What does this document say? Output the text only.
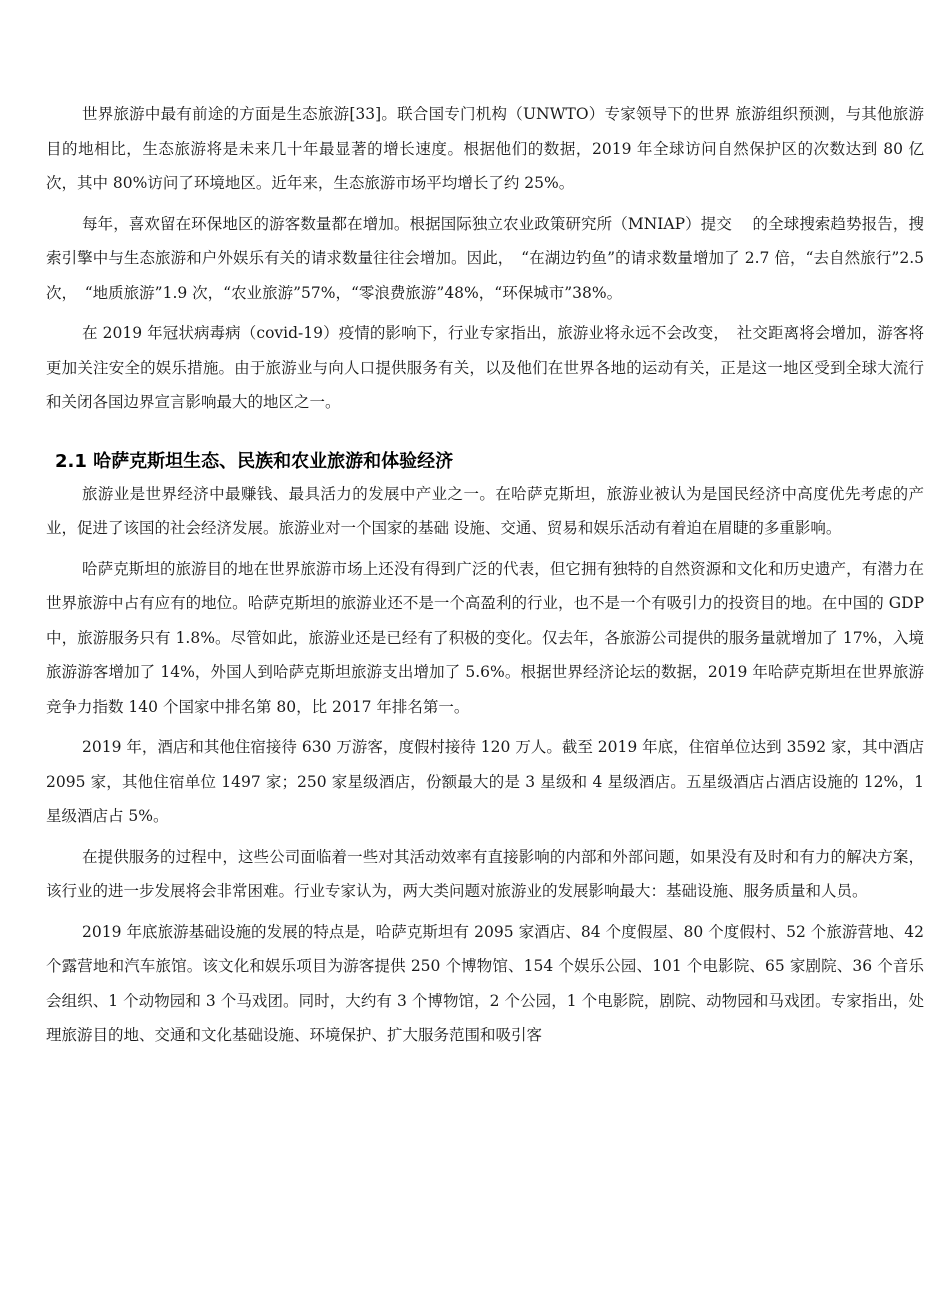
世界旅游中最有前途的方面是生态旅游[33]。联合国专门机构（UNWTO）专家领导下的世界 旅游组织预测，与其他旅游目的地相比，生态旅游将是未来几十年最显著的增长速度。根据他们的数据，2019 年全球访问自然保护区的次数达到 80 亿次，其中 80%访问了环境地区。近年来，生态旅游市场平均增长了约 25%。

每年，喜欢留在环保地区的游客数量都在增加。根据国际独立农业政策研究所（MNIAP）提交　 的全球搜索趋势报告，搜索引擎中与生态旅游和户外娱乐有关的请求数量往往会增加。因此，　“在湖边钓鱼”的请求数量增加了 2.7 倍，“去自然旅行”2.5 次，　“地质旅游”1.9 次，“农业旅游”57%，“零浪费旅游”48%，“环保城市”38%。

在 2019 年冠状病毒病（covid-19）疫情的影响下，行业专家指出，旅游业将永远不会改变，　社交距离将会增加，游客将更加关注安全的娱乐措施。由于旅游业与向人口提供服务有关，以及他们在世界各地的运动有关，正是这一地区受到全球大流行和关闭各国边界宣言影响最大的地区之一。

2.1 哈萨克斯坦生态、民族和农业旅游和体验经济

旅游业是世界经济中最赚钱、最具活力的发展中产业之一。在哈萨克斯坦，旅游业被认为是国民经济中高度优先考虑的产业，促进了该国的社会经济发展。旅游业对一个国家的基础 设施、交通、贸易和娱乐活动有着迫在眉睫的多重影响。

哈萨克斯坦的旅游目的地在世界旅游市场上还没有得到广泛的代表，但它拥有独特的自然资源和文化和历史遗产，有潜力在世界旅游中占有应有的地位。哈萨克斯坦的旅游业还不是一个高盈利的行业，也不是一个有吸引力的投资目的地。在中国的 GDP 中，旅游服务只有 1.8%。尽管如此，旅游业还是已经有了积极的变化。仅去年，各旅游公司提供的服务量就增加了 17%，入境旅游游客增加了 14%，外国人到哈萨克斯坦旅游支出增加了 5.6%。根据世界经济论坛的数据，2019 年哈萨克斯坦在世界旅游竞争力指数 140 个国家中排名第 80，比 2017 年排名第一。

2019 年，酒店和其他住宿接待 630 万游客，度假村接待 120 万人。截至 2019 年底，住宿单位达到 3592 家，其中酒店 2095 家，其他住宿单位 1497 家；250 家星级酒店，份额最大的是 3 星级和 4 星级酒店。五星级酒店占酒店设施的 12%，1 星级酒店占 5%。

在提供服务的过程中，这些公司面临着一些对其活动效率有直接影响的内部和外部问题，如果没有及时和有力的解决方案，该行业的进一步发展将会非常困难。行业专家认为，两大类问题对旅游业的发展影响最大：基础设施、服务质量和人员。

2019 年底旅游基础设施的发展的特点是，哈萨克斯坦有 2095 家酒店、84 个度假屋、80 个度假村、52 个旅游营地、42 个露营地和汽车旅馆。该文化和娱乐项目为游客提供 250 个博物馆、154 个娱乐公园、101 个电影院、65 家剧院、36 个音乐会组织、1 个动物园和 3 个马戏团。同时，大约有 3 个博物馆，2 个公园，1 个电影院，剧院、动物园和马戏团。专家指出，处理旅游目的地、交通和文化基础设施、环境保护、扩大服务范围和吸引客
